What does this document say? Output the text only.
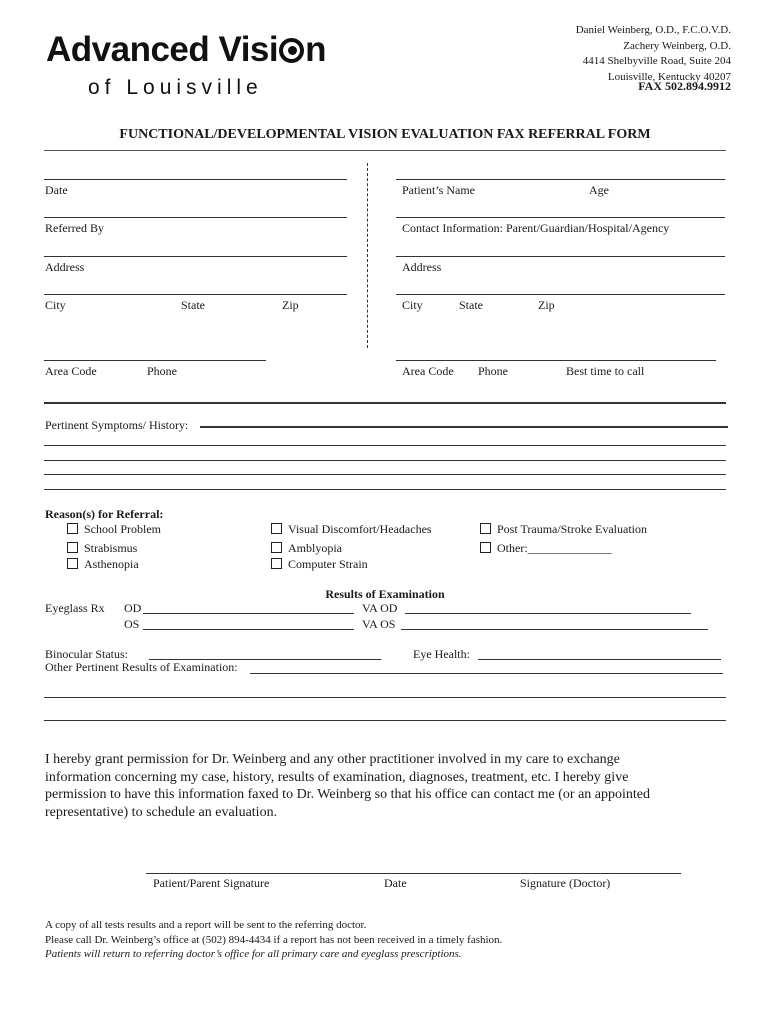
Advanced Visi n
of Louisville
Daniel Weinberg, O.D., F.C.O.V.D.
Zachery Weinberg, O.D.
4414 Shelbyville Road, Suite 204
Louisville, Kentucky 40207
FAX 502.894.9912
FUNCTIONAL/DEVELOPMENTAL VISION EVALUATION FAX REFERRAL FORM
Date
Referred By
Address
City	State	Zip
Area Code	Phone
Patient’s Name	Age
Contact Information: Parent/Guardian/Hospital/Agency
Address
City	State	Zip
Area Code Phone	Best time to call
Pertinent Symptoms/ History:
Reason(s) for Referral:
School Problem
Strabismus
Asthenopia
Visual Discomfort/Headaches
Amblyopia
Computer Strain
Post Trauma/Stroke Evaluation
Other:______________
Results of Examination
Eyeglass Rx OD	VA OD
OS	VA OS
Binocular Status:	Eye Health:
Other Pertinent Results of Examination:
I hereby grant permission for Dr. Weinberg and any other practitioner involved in my care to exchange
information concerning my case, history, results of examination, diagnoses, treatment, etc. I hereby give
permission to have this information faxed to Dr. Weinberg so that his office can contact me (or an appointed
representative) to schedule an evaluation.
Patient/Parent Signature	Date	Signature (Doctor)
A copy of all tests results and a report will be sent to the referring doctor.
Please call Dr. Weinberg’s office at (502) 894-4434 if a report has not been received in a timely fashion.
Patients will return to referring doctor’s office for all primary care and eyeglass prescriptions.
